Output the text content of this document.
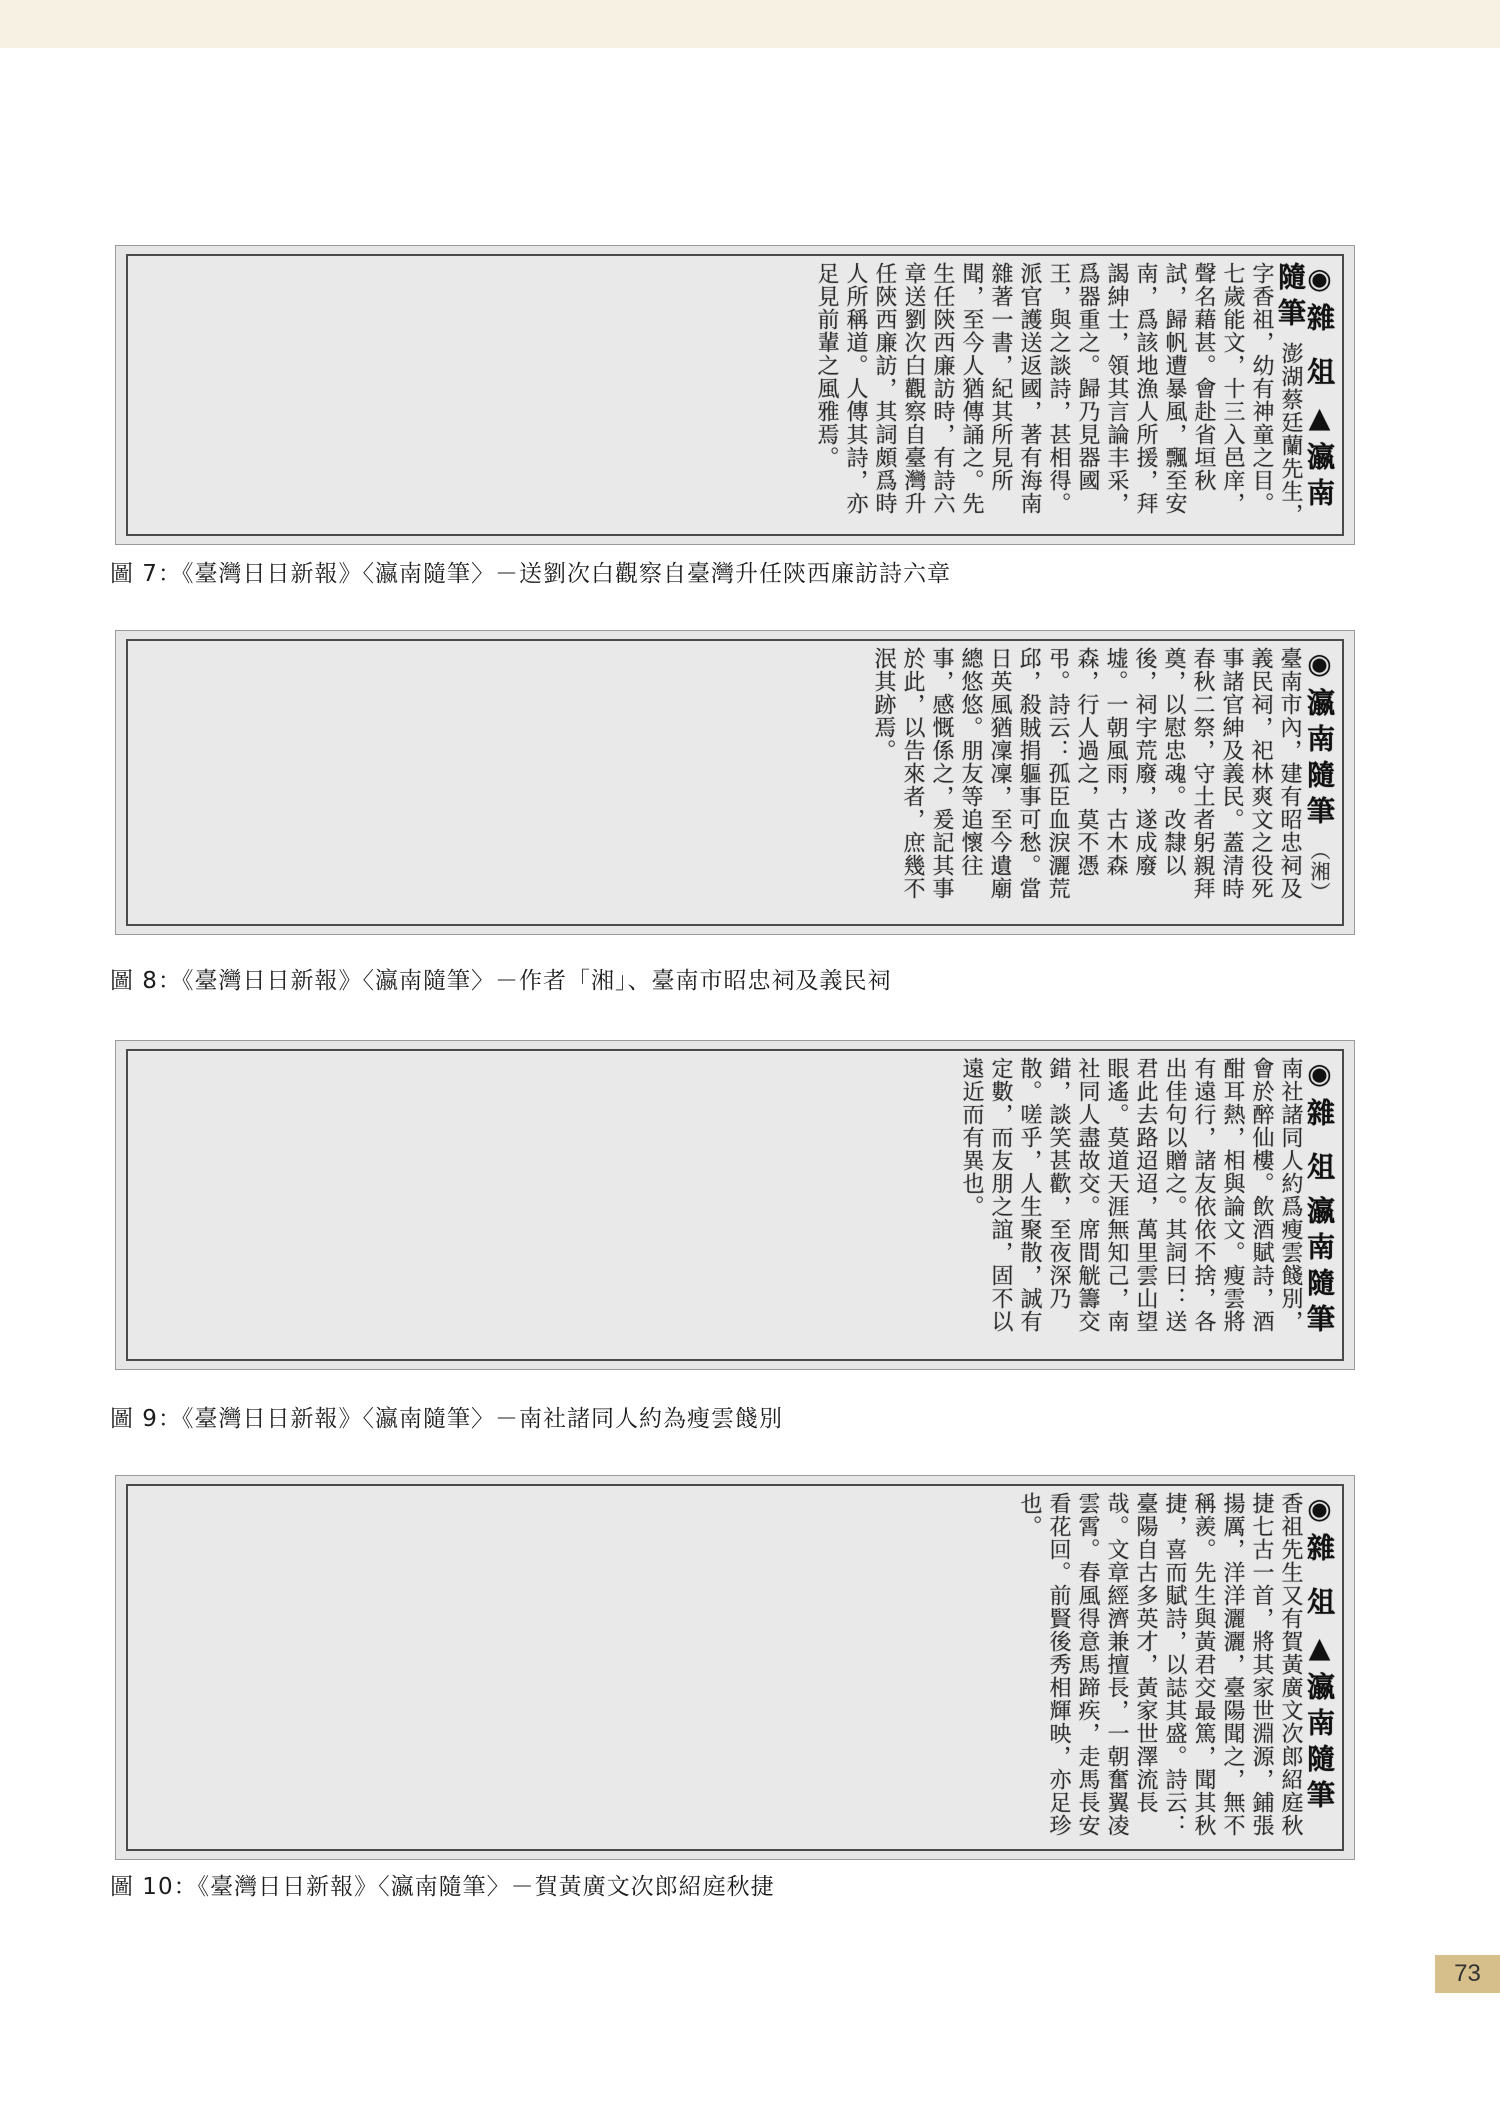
◉雜 俎 ▲瀛南隨筆 澎湖蔡廷蘭先生，字香祖，幼有神童之目。七歲能文，十三入邑庠，聲名藉甚。會赴省垣秋試，歸帆遭暴風，飄至安南，爲該地漁人所援，拜謁紳士，領其言論丰采，爲器重之。歸乃見器國王，與之談詩，甚相得。派官護送返國，著有海南雜著一書，紀其所見所聞，至今人猶傳誦之。先生任陝西廉訪時，有詩六章送劉次白觀察自臺灣升任陝西廉訪，其詞頗爲時人所稱道。人傳其詩，亦足見前輩之風雅焉。
圖 7：《臺灣日日新報》〈瀛南隨筆〉－送劉次白觀察自臺灣升任陝西廉訪詩六章
◉瀛南隨筆 （湘） 臺南市內，建有昭忠祠及義民祠，祀林爽文之役死事諸官紳及義民。蓋清時春秋二祭，守土者躬親拜奠，以慰忠魂。改隸以後，祠宇荒廢，遂成廢墟。一朝風雨，古木森森，行人過之，莫不憑弔。詩云：孤臣血淚灑荒邱，殺賊捐軀事可愁。當日英風猶凜凜，至今遺廟總悠悠。朋友等追懷往事，感慨係之，爰記其事於此，以告來者，庶幾不泯其跡焉。
圖 8：《臺灣日日新報》〈瀛南隨筆〉－作者「湘」、臺南市昭忠祠及義民祠
◉雜 俎 瀛南隨筆 南社諸同人約爲瘦雲餞別，會於醉仙樓。飲酒賦詩，酒酣耳熱，相與論文。瘦雲將有遠行，諸友依依不捨，各出佳句以贈之。其詞曰：送君此去路迢迢，萬里雲山望眼遙。莫道天涯無知己，南社同人盡故交。席間觥籌交錯，談笑甚歡，至夜深乃散。嗟乎，人生聚散，誠有定數，而友朋之誼，固不以遠近而有異也。
圖 9：《臺灣日日新報》〈瀛南隨筆〉－南社諸同人約為瘦雲餞別
◉雜 俎 ▲瀛南隨筆 香祖先生又有賀黃廣文次郎紹庭秋捷七古一首，將其家世淵源，鋪張揚厲，洋洋灑灑，臺陽聞之，無不稱羨。先生與黃君交最篤，聞其秋捷，喜而賦詩，以誌其盛。詩云：臺陽自古多英才，黃家世澤流長哉。文章經濟兼擅長，一朝奮翼凌雲霄。春風得意馬蹄疾，走馬長安看花回。前賢後秀相輝映，亦足珍也。
圖 10：《臺灣日日新報》〈瀛南隨筆〉－賀黃廣文次郎紹庭秋捷
73
